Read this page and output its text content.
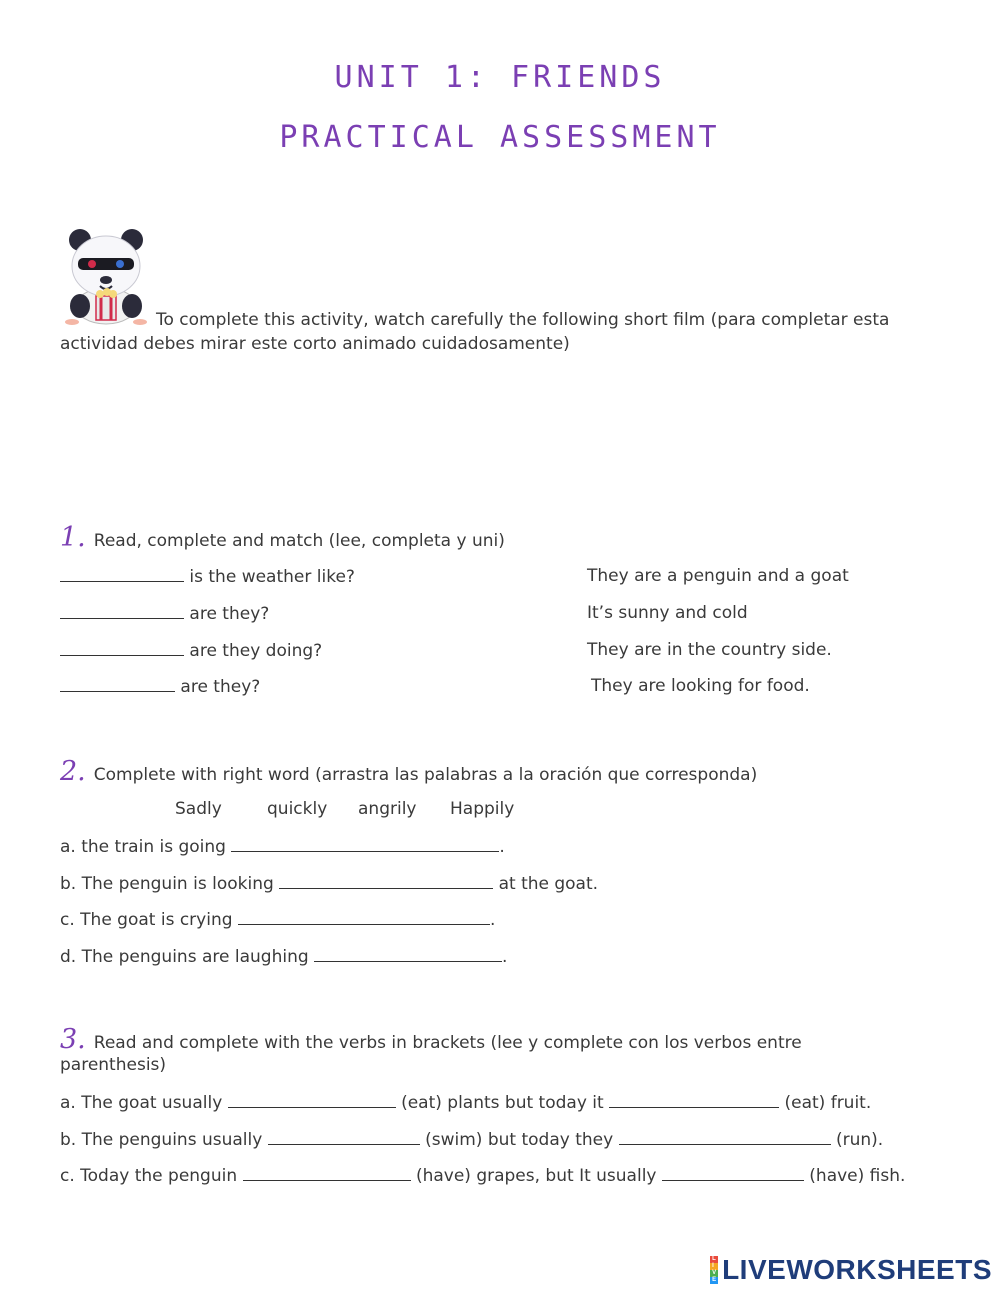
UNIT 1: FRIENDS
PRACTICAL ASSESSMENT
To complete this activity, watch carefully the following short film (para completar esta actividad debes mirar este corto animado cuidadosamente)
1. Read, complete and match (lee, completa y uni)
is the weather like?
are they?
are they doing?
are they?
They are a penguin and a goat
It’s sunny and cold
They are in the country side.
They are looking for food.
2. Complete with right word (arrastra las palabras a la oración que corresponda)
Sadly	quickly angrily Happily
a. the train is going	.
b. The penguin is looking	at the goat.
c. The goat is crying	.
d. The penguins are laughing	.
3. Read and complete with the verbs in brackets (lee y complete con los verbos entre
parenthesis)
a. The goat usually	(eat) plants but today it	(eat) fruit.
b. The penguins usually	(swim) but today they	(run).
c. Today the penguin	(have) grapes, but It usually	(have) fish.
L
I
V
E LIVEWORKSHEETS
